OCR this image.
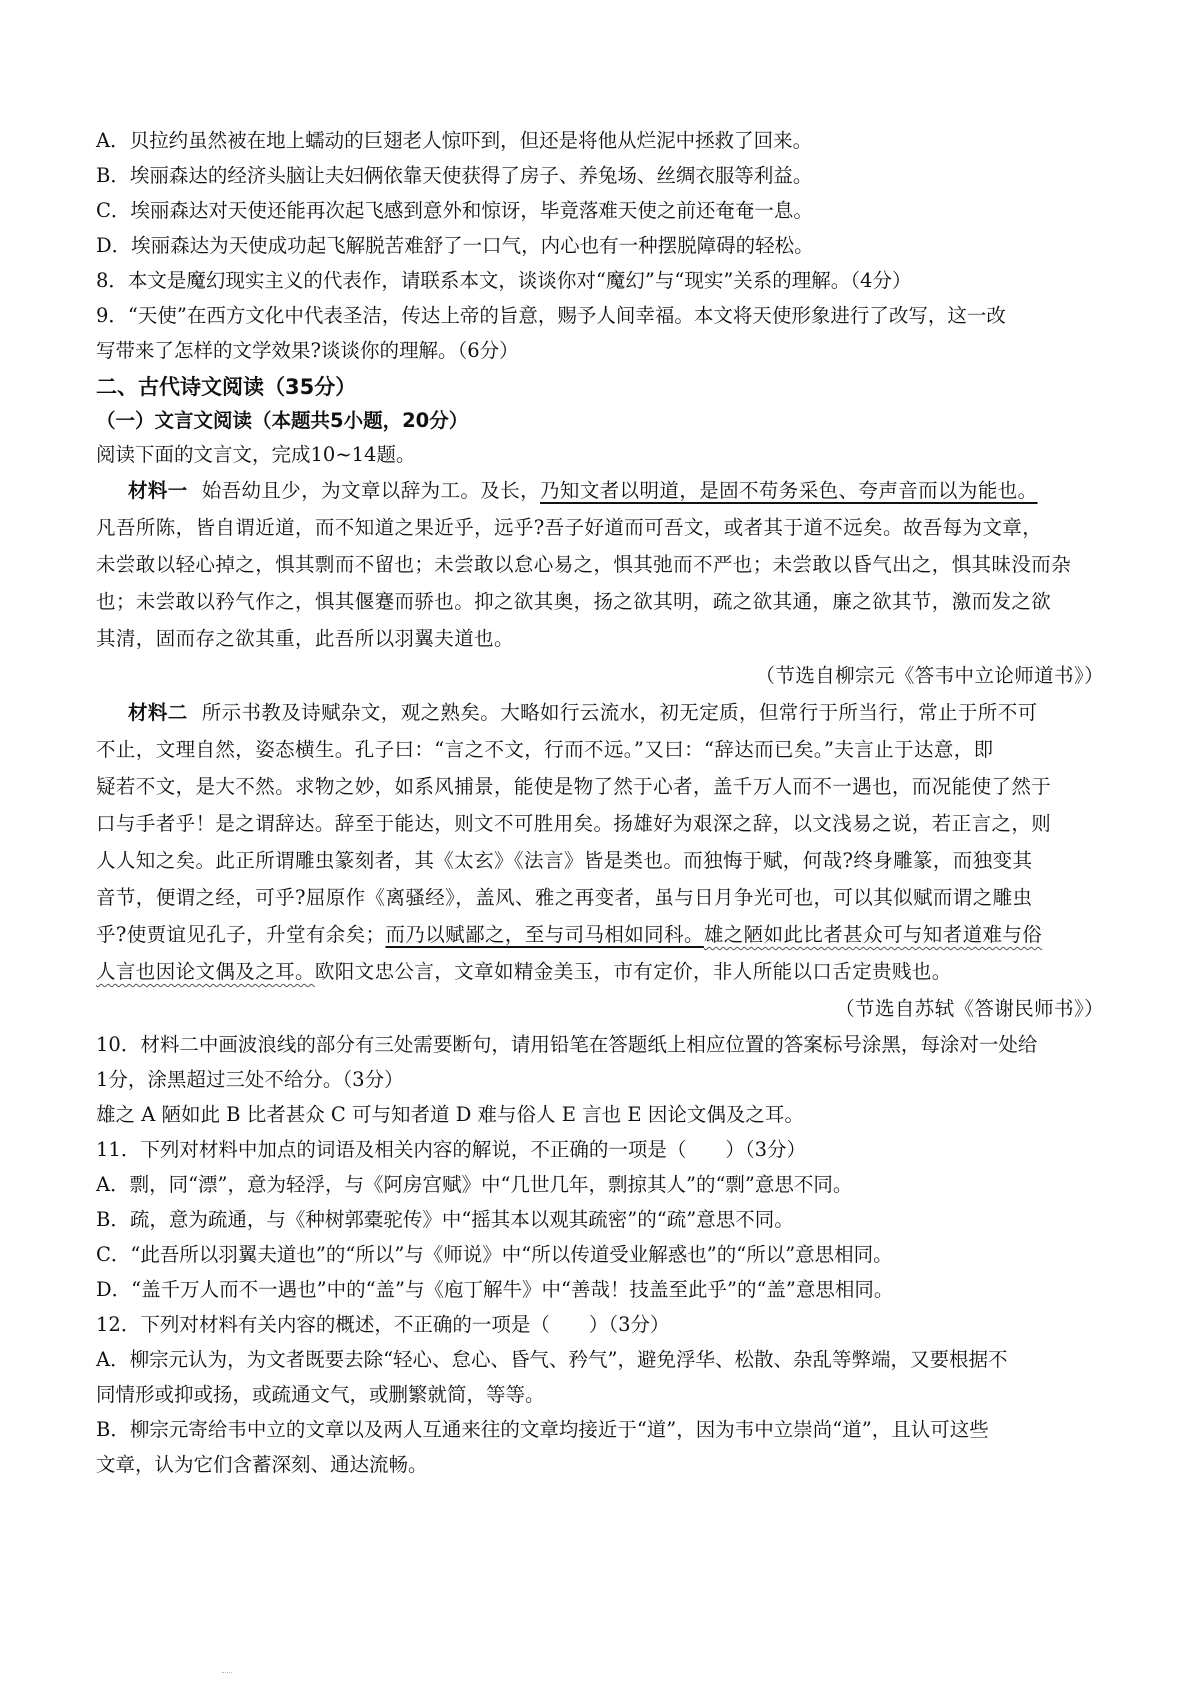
A．贝拉约虽然被在地上蠕动的巨翅老人惊吓到，但还是将他从烂泥中拯救了回来。
B．埃丽森达的经济头脑让夫妇俩依靠天使获得了房子、养兔场、丝绸衣服等利益。
C．埃丽森达对天使还能再次起飞感到意外和惊讶，毕竟落难天使之前还奄奄一息。
D．埃丽森达为天使成功起飞解脱苦难舒了一口气，内心也有一种摆脱障碍的轻松。
8．本文是魔幻现实主义的代表作，请联系本文，谈谈你对“魔幻”与“现实”关系的理解。（4分）
9．“天使”在西方文化中代表圣洁，传达上帝的旨意，赐予人间幸福。本文将天使形象进行了改写，这一改
写带来了怎样的文学效果?谈谈你的理解。（6分）
二、古代诗文阅读（35分）
（一）文言文阅读（本题共5小题，20分）
阅读下面的文言文，完成10~14题。
材料一 始吾幼且少，为文章以辞为工。及长，乃知文者以明道，是固不苟务采色、夸声音而以为能也。
凡吾所陈，皆自谓近道，而不知道之果近乎，远乎?吾子好道而可吾文，或者其于道不远矣。故吾每为文章，
未尝敢以轻心掉之，惧其剽而不留也；未尝敢以怠心易之，惧其弛而不严也；未尝敢以昏气出之，惧其昧没而杂
也；未尝敢以矜气作之，惧其偃蹇而骄也。抑之欲其奥，扬之欲其明，疏之欲其通，廉之欲其节，激而发之欲
其清，固而存之欲其重，此吾所以羽翼夫道也。
（节选自柳宗元《答韦中立论师道书》）
材料二 所示书教及诗赋杂文，观之熟矣。大略如行云流水，初无定质，但常行于所当行，常止于所不可
不止，文理自然，姿态横生。孔子曰：“言之不文，行而不远。”又曰：“辞达而已矣。”夫言止于达意，即
疑若不文，是大不然。求物之妙，如系风捕景，能使是物了然于心者，盖千万人而不一遇也，而况能使了然于
口与手者乎！是之谓辞达。辞至于能达，则文不可胜用矣。扬雄好为艰深之辞，以文浅易之说，若正言之，则
人人知之矣。此正所谓雕虫篆刻者，其《太玄》《法言》皆是类也。而独悔于赋，何哉?终身雕篆，而独变其
音节，便谓之经，可乎?屈原作《离骚经》，盖风、雅之再变者，虽与日月争光可也，可以其似赋而谓之雕虫
乎?使贾谊见孔子，升堂有余矣；而乃以赋鄙之，至与司马相如同科。雄之陋如此比者甚众可与知者道难与俗
人言也因论文偶及之耳。欧阳文忠公言，文章如精金美玉，市有定价，非人所能以口舌定贵贱也。
（节选自苏轼《答谢民师书》）
10．材料二中画波浪线的部分有三处需要断句，请用铅笔在答题纸上相应位置的答案标号涂黑，每涂对一处给
1分，涂黑超过三处不给分。（3分）
雄之 A 陋如此 B 比者甚众 C 可与知者道 D 难与俗人 E 言也 E 因论文偶及之耳。
11．下列对材料中加点的词语及相关内容的解说，不正确的一项是（　　）（3分）
A．剽，同“漂”，意为轻浮，与《阿房宫赋》中“几世几年，剽掠其人”的“剽”意思不同。
B．疏，意为疏通，与《种树郭橐驼传》中“摇其本以观其疏密”的“疏”意思不同。
C．“此吾所以羽翼夫道也”的“所以”与《师说》中“所以传道受业解惑也”的“所以”意思相同。
D．“盖千万人而不一遇也”中的“盖”与《庖丁解牛》中“善哉！技盖至此乎”的“盖”意思相同。
12．下列对材料有关内容的概述，不正确的一项是（　　）（3分）
A．柳宗元认为，为文者既要去除“轻心、怠心、昏气、矜气”，避免浮华、松散、杂乱等弊端，又要根据不
同情形或抑或扬，或疏通文气，或删繁就简，等等。
B．柳宗元寄给韦中立的文章以及两人互通来往的文章均接近于“道”，因为韦中立崇尚“道”，且认可这些
文章，认为它们含蓄深刻、通达流畅。
